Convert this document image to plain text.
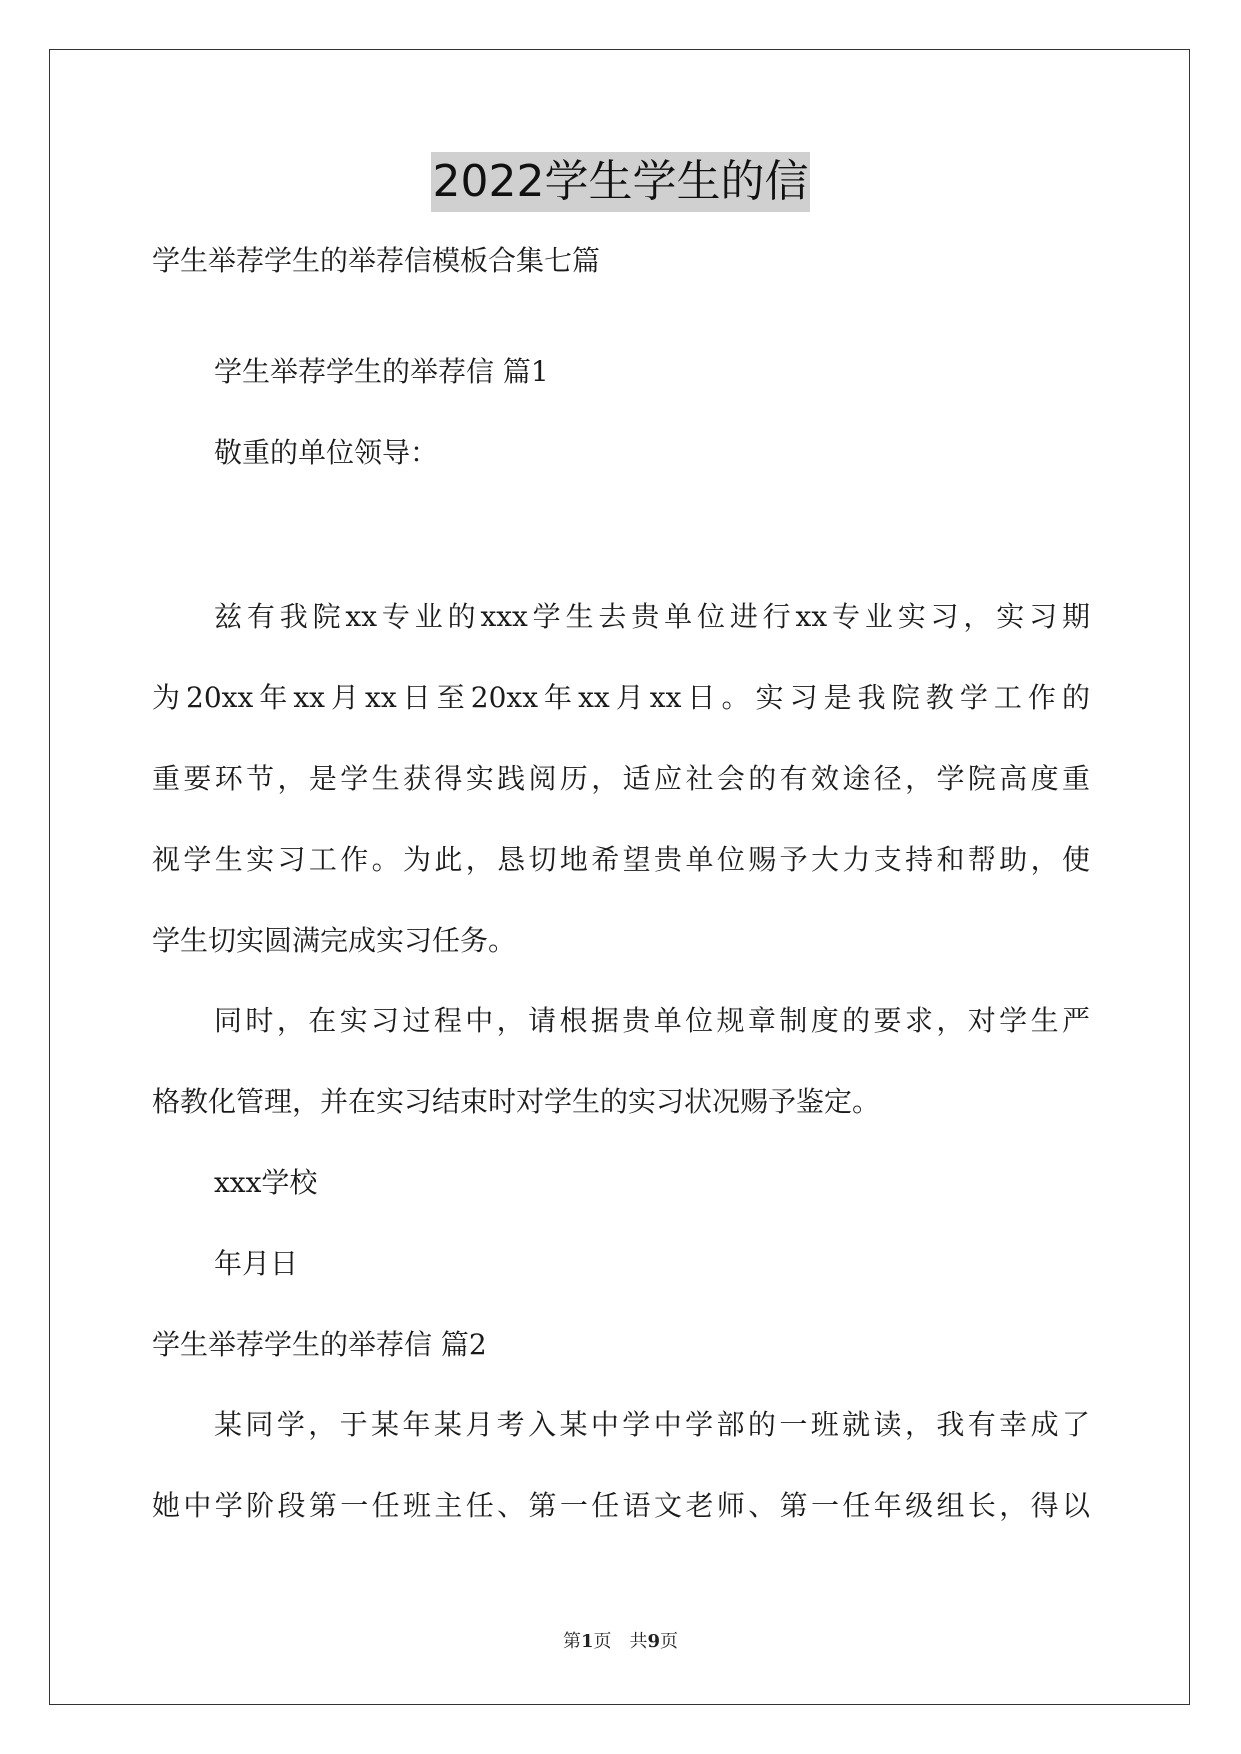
2022学生学生的信
学生举荐学生的举荐信模板合集七篇
学生举荐学生的举荐信 篇1
敬重的单位领导：
兹有我院xx专业的xxx学生去贵单位进行xx专业实习，实习期
为20xx年xx月xx日至20xx年xx月xx日。实习是我院教学工作的
重要环节，是学生获得实践阅历，适应社会的有效途径，学院高度重
视学生实习工作。为此，恳切地希望贵单位赐予大力支持和帮助，使
学生切实圆满完成实习任务。
同时，在实习过程中，请根据贵单位规章制度的要求，对学生严
格教化管理，并在实习结束时对学生的实习状况赐予鉴定。
xxx学校
年月日
学生举荐学生的举荐信 篇2
某同学，于某年某月考入某中学中学部的一班就读，我有幸成了
她中学阶段第一任班主任、第一任语文老师、第一任年级组长，得以
第1页　共9页
